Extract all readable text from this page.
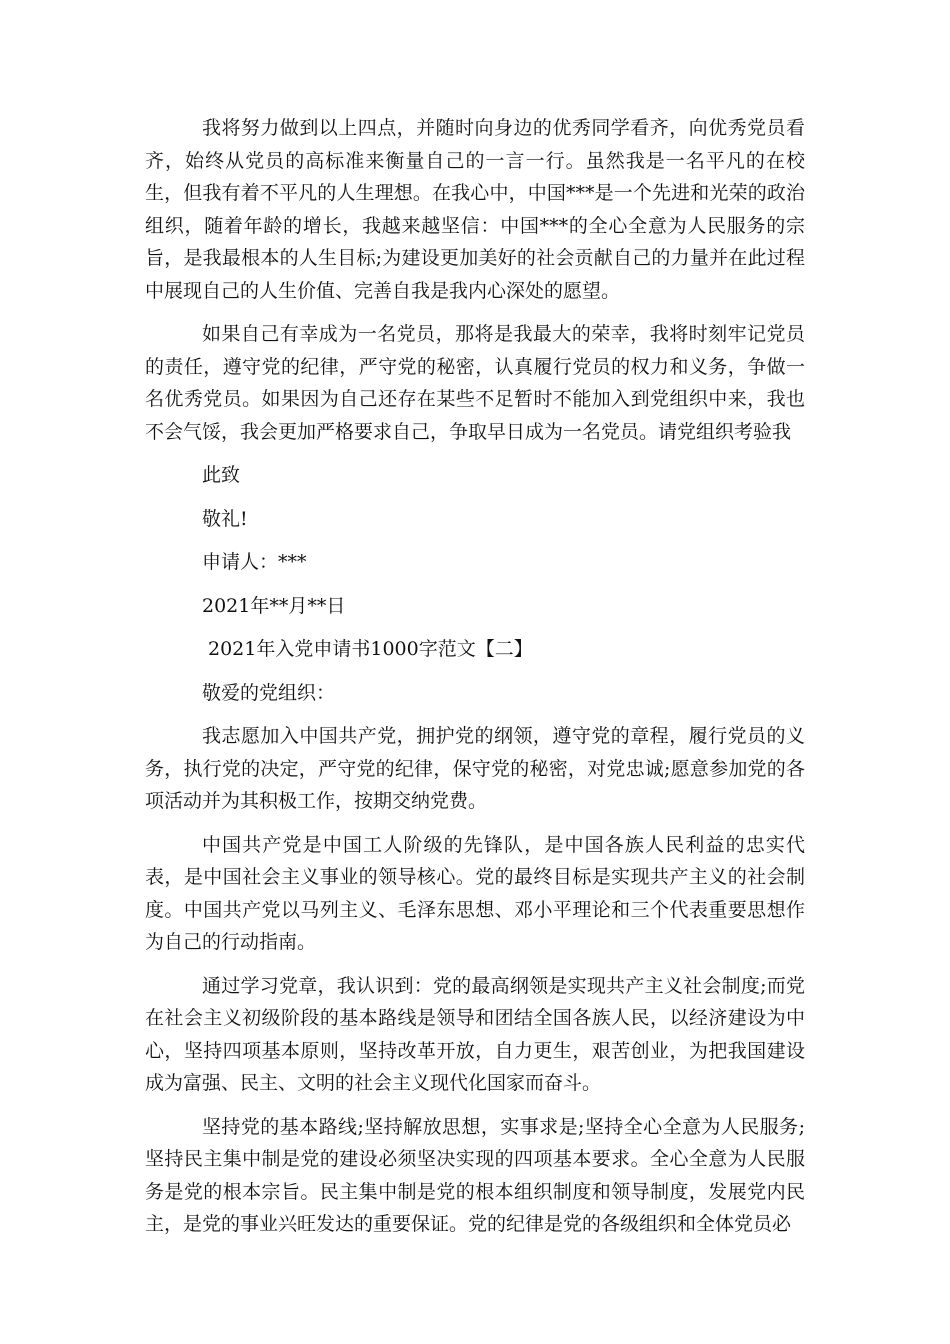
我将努力做到以上四点，并随时向身边的优秀同学看齐，向优秀党员看齐，始终从党员的高标准来衡量自己的一言一行。虽然我是一名平凡的在校生，但我有着不平凡的人生理想。在我心中，中国***是一个先进和光荣的政治组织，随着年龄的增长，我越来越坚信：中国***的全心全意为人民服务的宗旨，是我最根本的人生目标;为建设更加美好的社会贡献自己的力量并在此过程中展现自己的人生价值、完善自我是我内心深处的愿望。

如果自己有幸成为一名党员，那将是我最大的荣幸，我将时刻牢记党员的责任，遵守党的纪律，严守党的秘密，认真履行党员的权力和义务，争做一名优秀党员。如果因为自己还存在某些不足暂时不能加入到党组织中来，我也不会气馁，我会更加严格要求自己，争取早日成为一名党员。请党组织考验我

此致

敬礼!

申请人：***

2021年**月**日

2021年入党申请书1000字范文【二】

敬爱的党组织：

我志愿加入中国共产党，拥护党的纲领，遵守党的章程，履行党员的义务，执行党的决定，严守党的纪律，保守党的秘密，对党忠诚;愿意参加党的各项活动并为其积极工作，按期交纳党费。

中国共产党是中国工人阶级的先锋队，是中国各族人民利益的忠实代表，是中国社会主义事业的领导核心。党的最终目标是实现共产主义的社会制度。中国共产党以马列主义、毛泽东思想、邓小平理论和三个代表重要思想作为自己的行动指南。

通过学习党章，我认识到：党的最高纲领是实现共产主义社会制度;而党在社会主义初级阶段的基本路线是领导和团结全国各族人民，以经济建设为中心，坚持四项基本原则，坚持改革开放，自力更生，艰苦创业，为把我国建设成为富强、民主、文明的社会主义现代化国家而奋斗。

坚持党的基本路线;坚持解放思想，实事求是;坚持全心全意为人民服务;坚持民主集中制是党的建设必须坚决实现的四项基本要求。全心全意为人民服务是党的根本宗旨。民主集中制是党的根本组织制度和领导制度，发展党内民主，是党的事业兴旺发达的重要保证。党的纪律是党的各级组织和全体党员必
